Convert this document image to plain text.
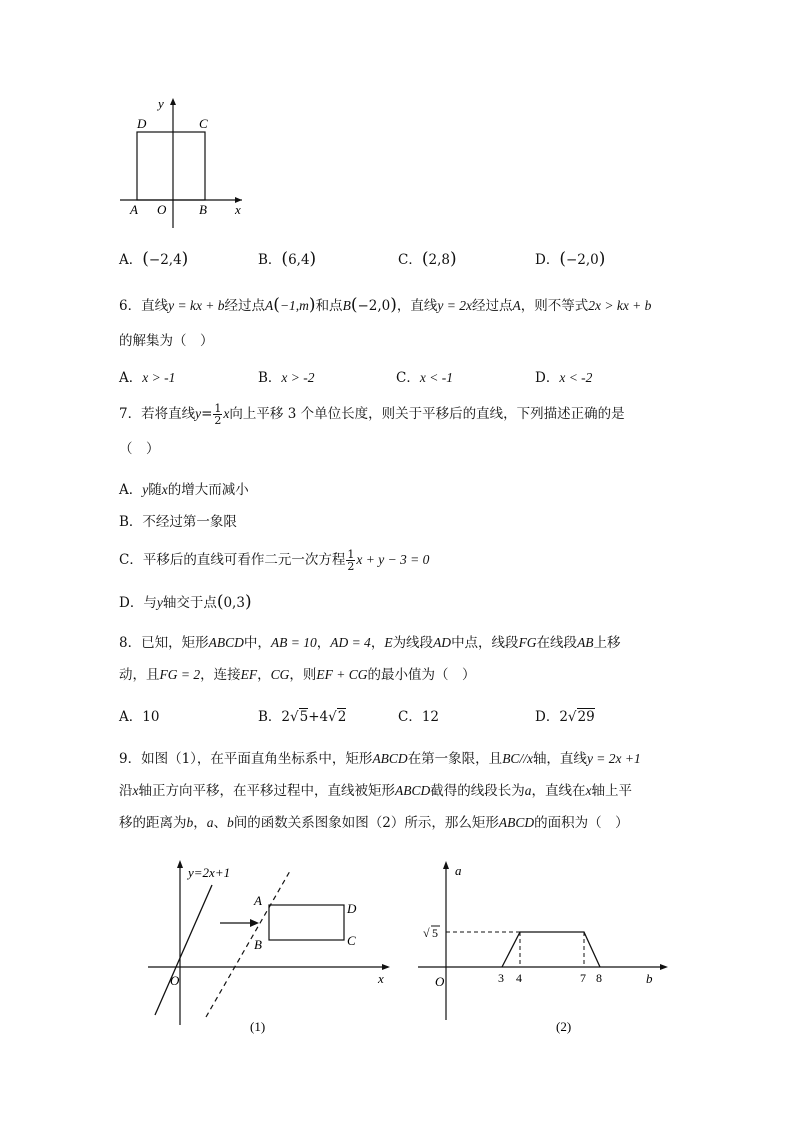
y
x
D	C
A O	B
A．(−2,4)	B．(6,4)	C．(2,8)	D．(−2,0)
6．直线y = kx + b经过点A(−1,m)和点B(−2,0)，直线y = 2x经过点A，则不等式2x > kx + b
的解集为（　）
A．x > -1	B．x > -2	C．x < -1	D．x < -2
7．若将直线$y= \frac{1}{2}$ x向上平移 3 个单位长度，则关于平移后的直线，下列描述正确的是
（　）
A．y随x的增大而减小
B．不经过第一象限
C．平移后的直线可看作二元一次方程 $\frac{1}{2}$ x + y − 3 = 0
D．与y轴交于点(0,3)
8．已知，矩形ABCD中，AB = 10，AD = 4，E为线段AD中点，线段FG在线段AB上移
动，且FG = 2，连接EF，CG，则EF + CG的最小值为（　）
A．10	B．2√5+4√2	C．12	D．2√29
9．如图（1），在平面直角坐标系中，矩形ABCD在第一象限，且BC//x轴，直线y = 2x +1
沿x轴正方向平移，在平移过程中，直线被矩形ABCD截得的线段长为a，直线在x轴上平
移的距离为b，a、b间的函数关系图象如图（2）所示，那么矩形ABCD的面积为（　）
y=2x+1
A
B
D
C
O	x
(1)
a
b
O
√ 5
3 4	7 8
(2)
